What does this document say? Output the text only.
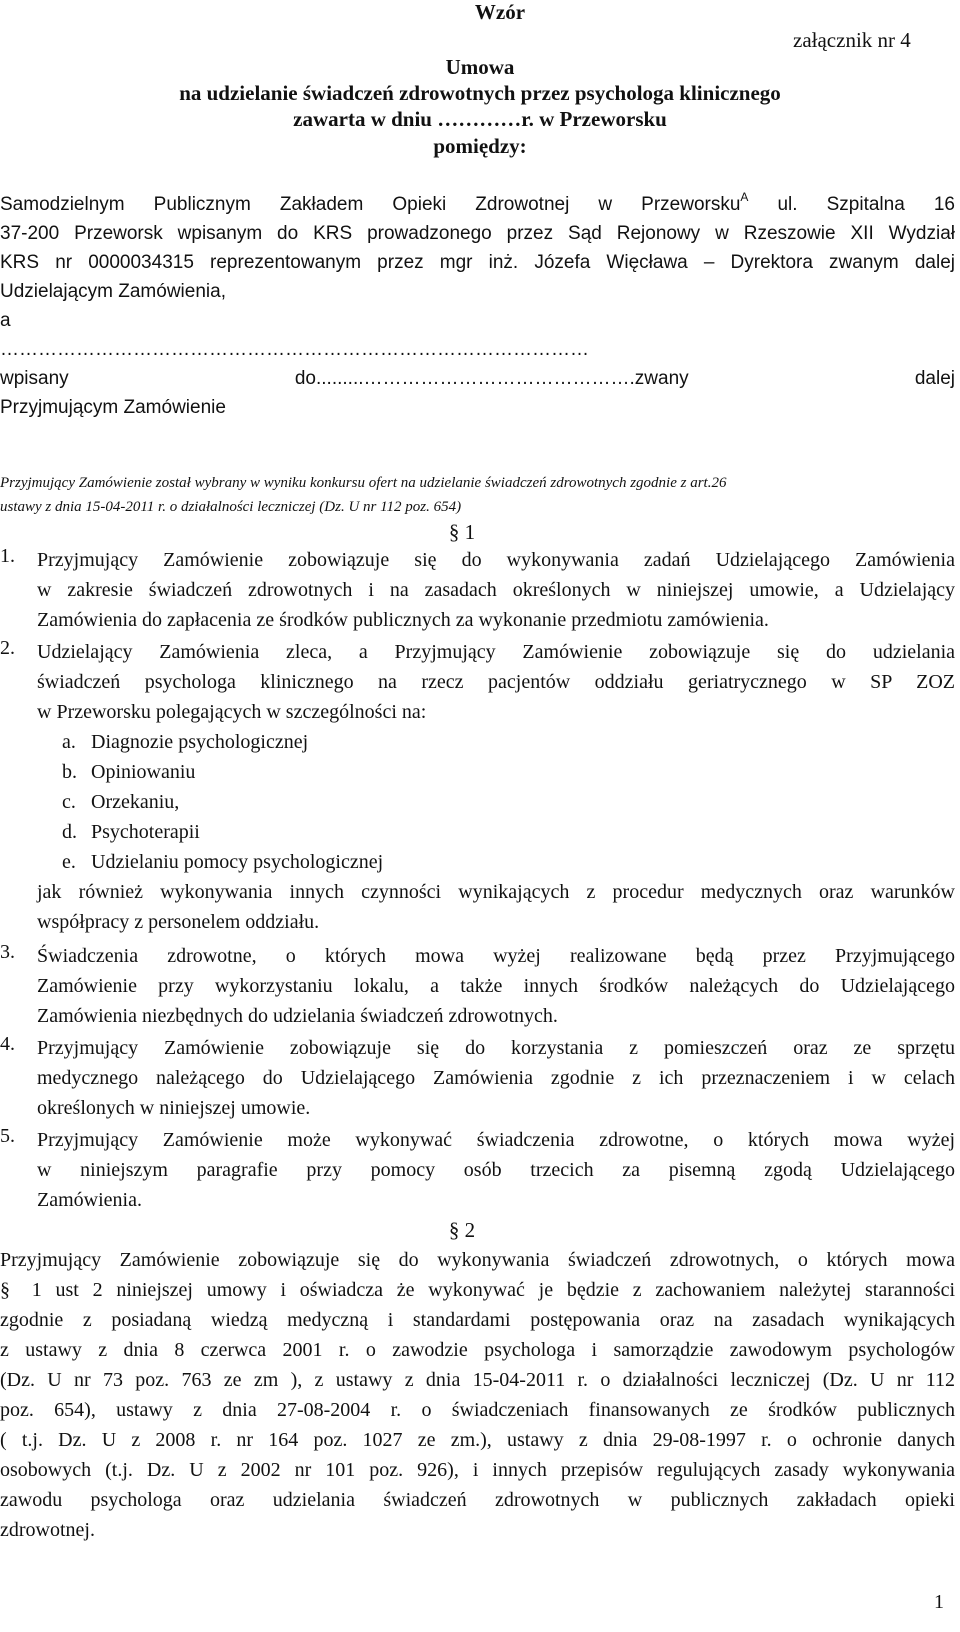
Wzór
załącznik nr 4
Umowa
na udzielanie świadczeń zdrowotnych przez psychologa klinicznego
zawarta w dniu …………r. w Przeworsku
pomiędzy:
Samodzielnym Publicznym Zakładem Opieki Zdrowotnej w Przeworsku$^A$ ul. Szpitalna 16
37-200 Przeworsk wpisanym do KRS prowadzonego przez Sąd Rejonowy w Rzeszowie XII Wydział
KRS nr 0000034315 reprezentowanym przez mgr inż. Józefa Więcława – Dyrektora zwanym dalej
Udzielającym Zamówienia,
a
…………………………………………………………………………………
wpisany do.........…………………………………….zwany dalej
Przyjmującym Zamówienie
Przyjmujący Zamówienie został wybrany w wyniku konkursu ofert na udzielanie świadczeń zdrowotnych zgodnie z art.26
ustawy z dnia 15-04-2011 r. o działalności leczniczej (Dz. U nr 112 poz. 654)
§ 1
1. Przyjmujący Zamówienie zobowiązuje się do wykonywania zadań Udzielającego Zamówienia
w zakresie świadczeń zdrowotnych i na zasadach określonych w niniejszej umowie, a Udzielający
Zamówienia do zapłacenia ze środków publicznych za wykonanie przedmiotu zamówienia.
2. Udzielający Zamówienia zleca, a Przyjmujący Zamówienie zobowiązuje się do udzielania
świadczeń psychologa klinicznego na rzecz pacjentów oddziału geriatrycznego w SP ZOZ
w Przeworsku polegających w szczególności na:
a. Diagnozie psychologicznej
b. Opiniowaniu
c. Orzekaniu,
d. Psychoterapii
e. Udzielaniu pomocy psychologicznej
jak również wykonywania innych czynności wynikających z procedur medycznych oraz warunków
współpracy z personelem oddziału.
3. Świadczenia zdrowotne, o których mowa wyżej realizowane będą przez Przyjmującego
Zamówienie przy wykorzystaniu lokalu, a także innych środków należących do Udzielającego
Zamówienia niezbędnych do udzielania świadczeń zdrowotnych.
4. Przyjmujący Zamówienie zobowiązuje się do korzystania z pomieszczeń oraz ze sprzętu
medycznego należącego do Udzielającego Zamówienia zgodnie z ich przeznaczeniem i w celach
określonych w niniejszej umowie.
5. Przyjmujący Zamówienie może wykonywać świadczenia zdrowotne, o których mowa wyżej
w niniejszym paragrafie przy pomocy osób trzecich za pisemną zgodą Udzielającego
Zamówienia.
§ 2
Przyjmujący Zamówienie zobowiązuje się do wykonywania świadczeń zdrowotnych, o których mowa
§ 1 ust 2 niniejszej umowy i oświadcza że wykonywać je będzie z zachowaniem należytej staranności
zgodnie z posiadaną wiedzą medyczną i standardami postępowania oraz na zasadach wynikających
z ustawy z dnia 8 czerwca 2001 r. o zawodzie psychologa i samorządzie zawodowym psychologów
(Dz. U nr 73 poz. 763 ze zm ), z ustawy z dnia 15-04-2011 r. o działalności leczniczej (Dz. U nr 112
poz. 654), ustawy z dnia 27-08-2004 r. o świadczeniach finansowanych ze środków publicznych
( t.j. Dz. U z 2008 r. nr 164 poz. 1027 ze zm.), ustawy z dnia 29-08-1997 r. o ochronie danych
osobowych (t.j. Dz. U z 2002 nr 101 poz. 926), i innych przepisów regulujących zasady wykonywania
zawodu psychologa oraz udzielania świadczeń zdrowotnych w publicznych zakładach opieki
zdrowotnej.
1
